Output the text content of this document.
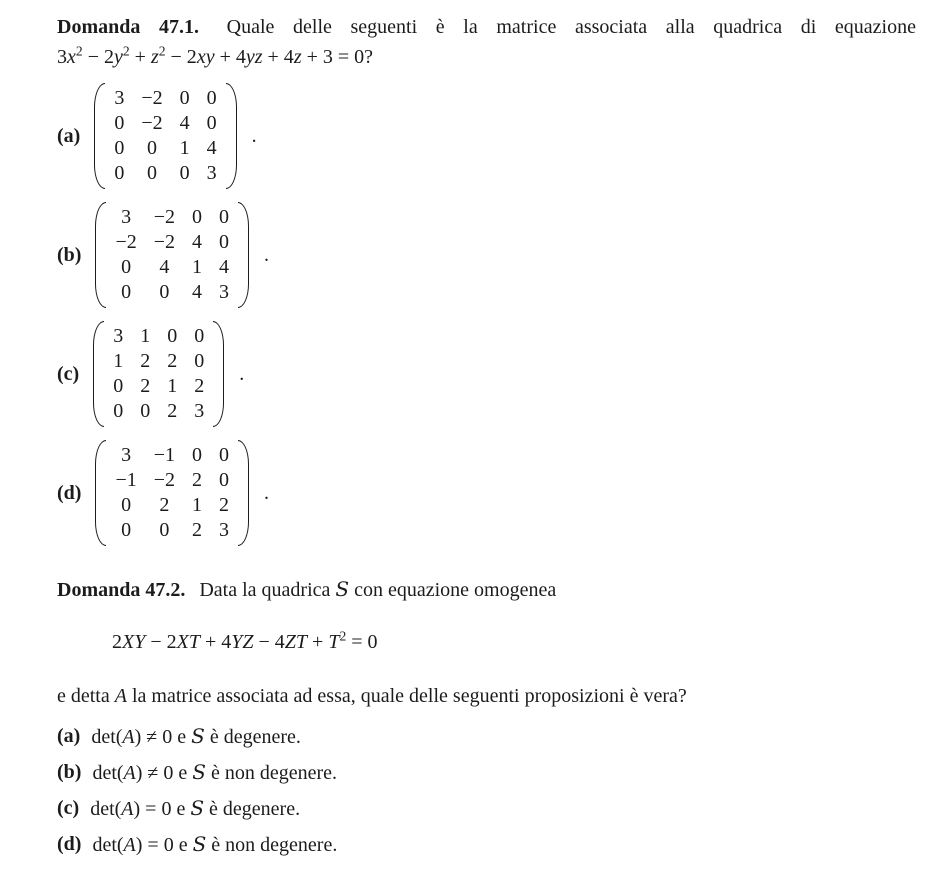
Domanda 47.1. Quale delle seguenti è la matrice associata alla quadrica di equazione $3x^2 - 2y^2 + z^2 - 2xy + 4yz + 4z + 3 = 0$?

(a)
3 −2 0 0
0 −2 4 0
0 0 1 4
0 0 0 3
.
(b)
3 −2 0 0
−2 −2 4 0
0 4 1 4
0 0 4 3
.
(c)
3 1 0 0
1 2 2 0
0 2 1 2
0 0 2 3
.
(d)
3 −1 0 0
−1 −2 2 0
0 2 1 2
0 0 2 3
.

Domanda 47.2. Data la quadrica S con equazione omogenea

$2XY - 2XT + 4YZ - 4ZT + T^2 = 0$

e detta A la matrice associata ad essa, quale delle seguenti proposizioni è vera?

(a) det(A) ≠ 0 e S è degenere.

(b) det(A) ≠ 0 e S è non degenere.

(c) det(A) = 0 e S è degenere.

(d) det(A) = 0 e S è non degenere.
